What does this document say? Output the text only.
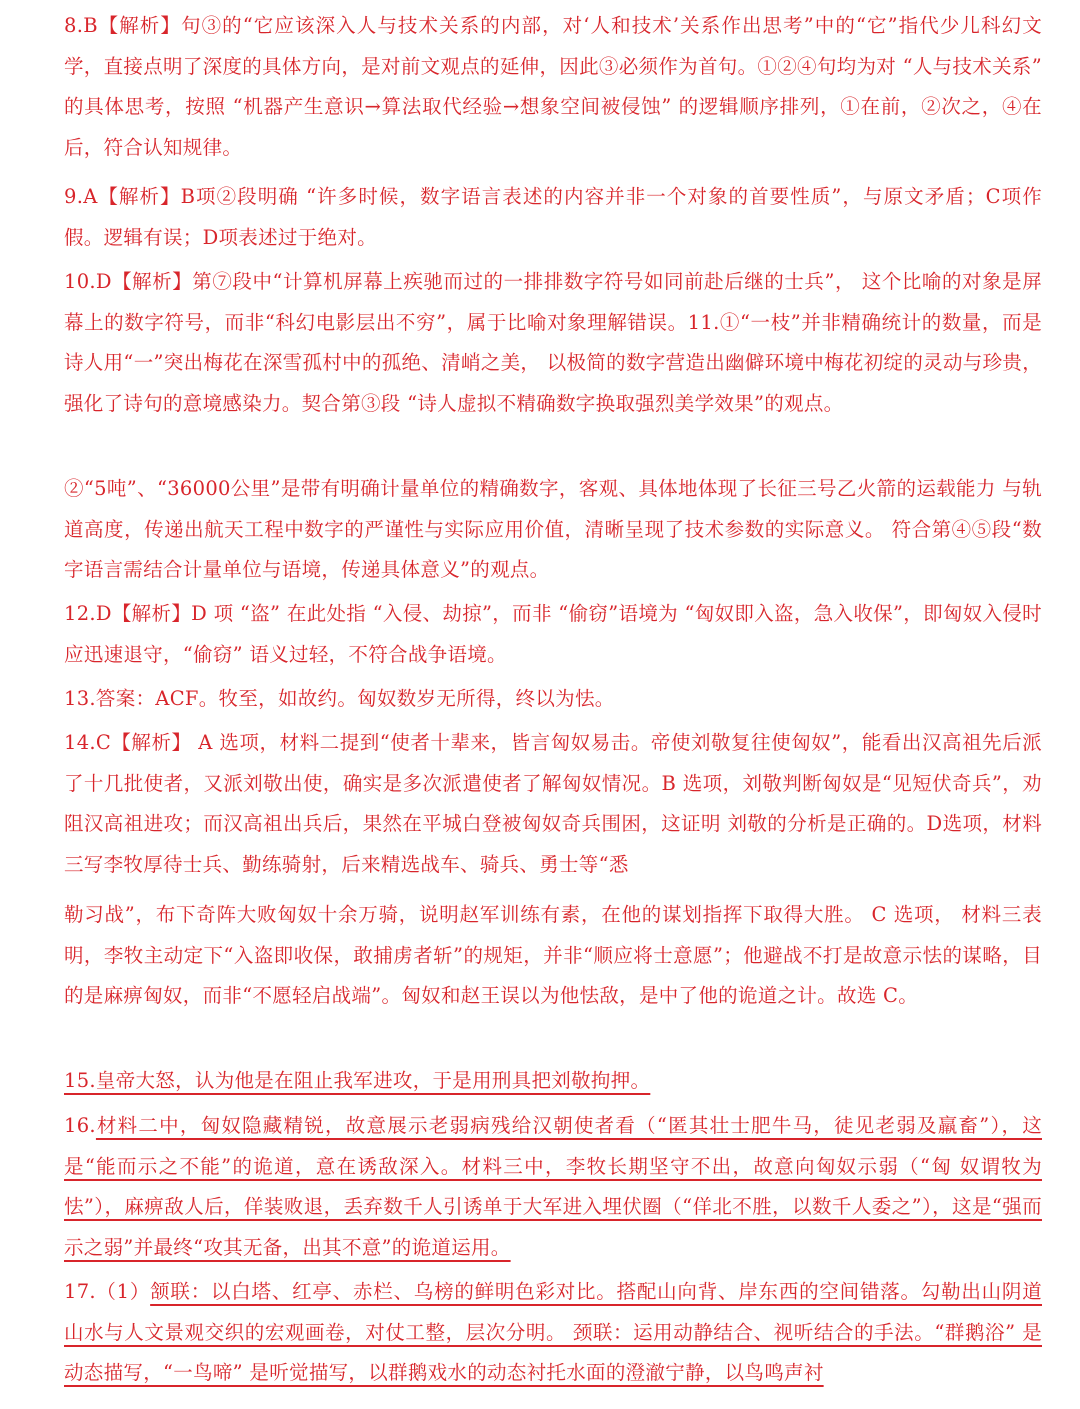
8.B【解析】句③的“它应该深入人与技术关系的内部，对‘人和技术’关系作出思考”中的“它”指代少儿科幻文学，直接点明了深度的具体方向，是对前文观点的延伸，因此③必须作为首句。①②④句均为对 “人与技术关系” 的具体思考，按照 “机器产生意识→算法取代经验→想象空间被侵蚀” 的逻辑顺序排列，①在前，②次之，④在后，符合认知规律。
9.A【解析】B项②段明确 “许多时候，数字语言表述的内容并非一个对象的首要性质”，与原文矛盾；C项作假。逻辑有误；D项表述过于绝对。
10.D【解析】第⑦段中“计算机屏幕上疾驰而过的一排排数字符号如同前赴后继的士兵”， 这个比喻的对象是屏幕上的数字符号，而非“科幻电影层出不穷”，属于比喻对象理解错误。11.①“一枝”并非精确统计的数量，而是诗人用“一”突出梅花在深雪孤村中的孤绝、清峭之美， 以极简的数字营造出幽僻环境中梅花初绽的灵动与珍贵，强化了诗句的意境感染力。契合第③段 “诗人虚拟不精确数字换取强烈美学效果”的观点。
②“5吨”、“36000公里”是带有明确计量单位的精确数字，客观、具体地体现了长征三号乙火箭的运载能力 与轨道高度，传递出航天工程中数字的严谨性与实际应用价值，清晰呈现了技术参数的实际意义。 符合第④⑤段“数字语言需结合计量单位与语境，传递具体意义”的观点。
12.D【解析】D 项 “盗” 在此处指 “入侵、劫掠”，而非 “偷窃”语境为 “匈奴即入盗，急入收保”，即匈奴入侵时应迅速退守，“偷窃” 语义过轻，不符合战争语境。
13.答案：ACF。牧至，如故约。匈奴数岁无所得，终以为怯。
14.C【解析】 A 选项，材料二提到“使者十辈来，皆言匈奴易击。帝使刘敬复往使匈奴”，能看出汉高祖先后派了十几批使者，又派刘敬出使，确实是多次派遣使者了解匈奴情况。B 选项，刘敬判断匈奴是“见短伏奇兵”，劝阻汉高祖进攻；而汉高祖出兵后，果然在平城白登被匈奴奇兵围困，这证明 刘敬的分析是正确的。D选项，材料三写李牧厚待士兵、勤练骑射，后来精选战车、骑兵、勇士等“悉
勒习战”，布下奇阵大败匈奴十余万骑，说明赵军训练有素，在他的谋划指挥下取得大胜。 C 选项， 材料三表明，李牧主动定下“入盗即收保，敢捕虏者斩”的规矩，并非“顺应将士意愿”；他避战不打是故意示怯的谋略，目的是麻痹匈奴，而非“不愿轻启战端”。匈奴和赵王误以为他怯敌，是中了他的诡道之计。故选 C。
15.皇帝大怒，认为他是在阻止我军进攻，于是用刑具把刘敬拘押。
16.材料二中，匈奴隐藏精锐，故意展示老弱病残给汉朝使者看（“匿其壮士肥牛马，徒见老弱及羸畜”），这是“能而示之不能”的诡道，意在诱敌深入。材料三中，李牧长期坚守不出，故意向匈奴示弱（“匈 奴谓牧为怯”），麻痹敌人后，佯装败退，丢弃数千人引诱单于大军进入埋伏圈（“佯北不胜，以数千人委之”），这是“强而示之弱”并最终“攻其无备，出其不意”的诡道运用。
17.（1）颔联：以白塔、红亭、赤栏、乌榜的鲜明色彩对比。搭配山向背、岸东西的空间错落。勾勒出山阴道 山水与人文景观交织的宏观画卷，对仗工整，层次分明。 颈联：运用动静结合、视听结合的手法。“群鹅浴” 是动态描写，“一鸟啼” 是听觉描写，以群鹅戏水的动态衬托水面的澄澈宁静，以鸟鸣声衬
